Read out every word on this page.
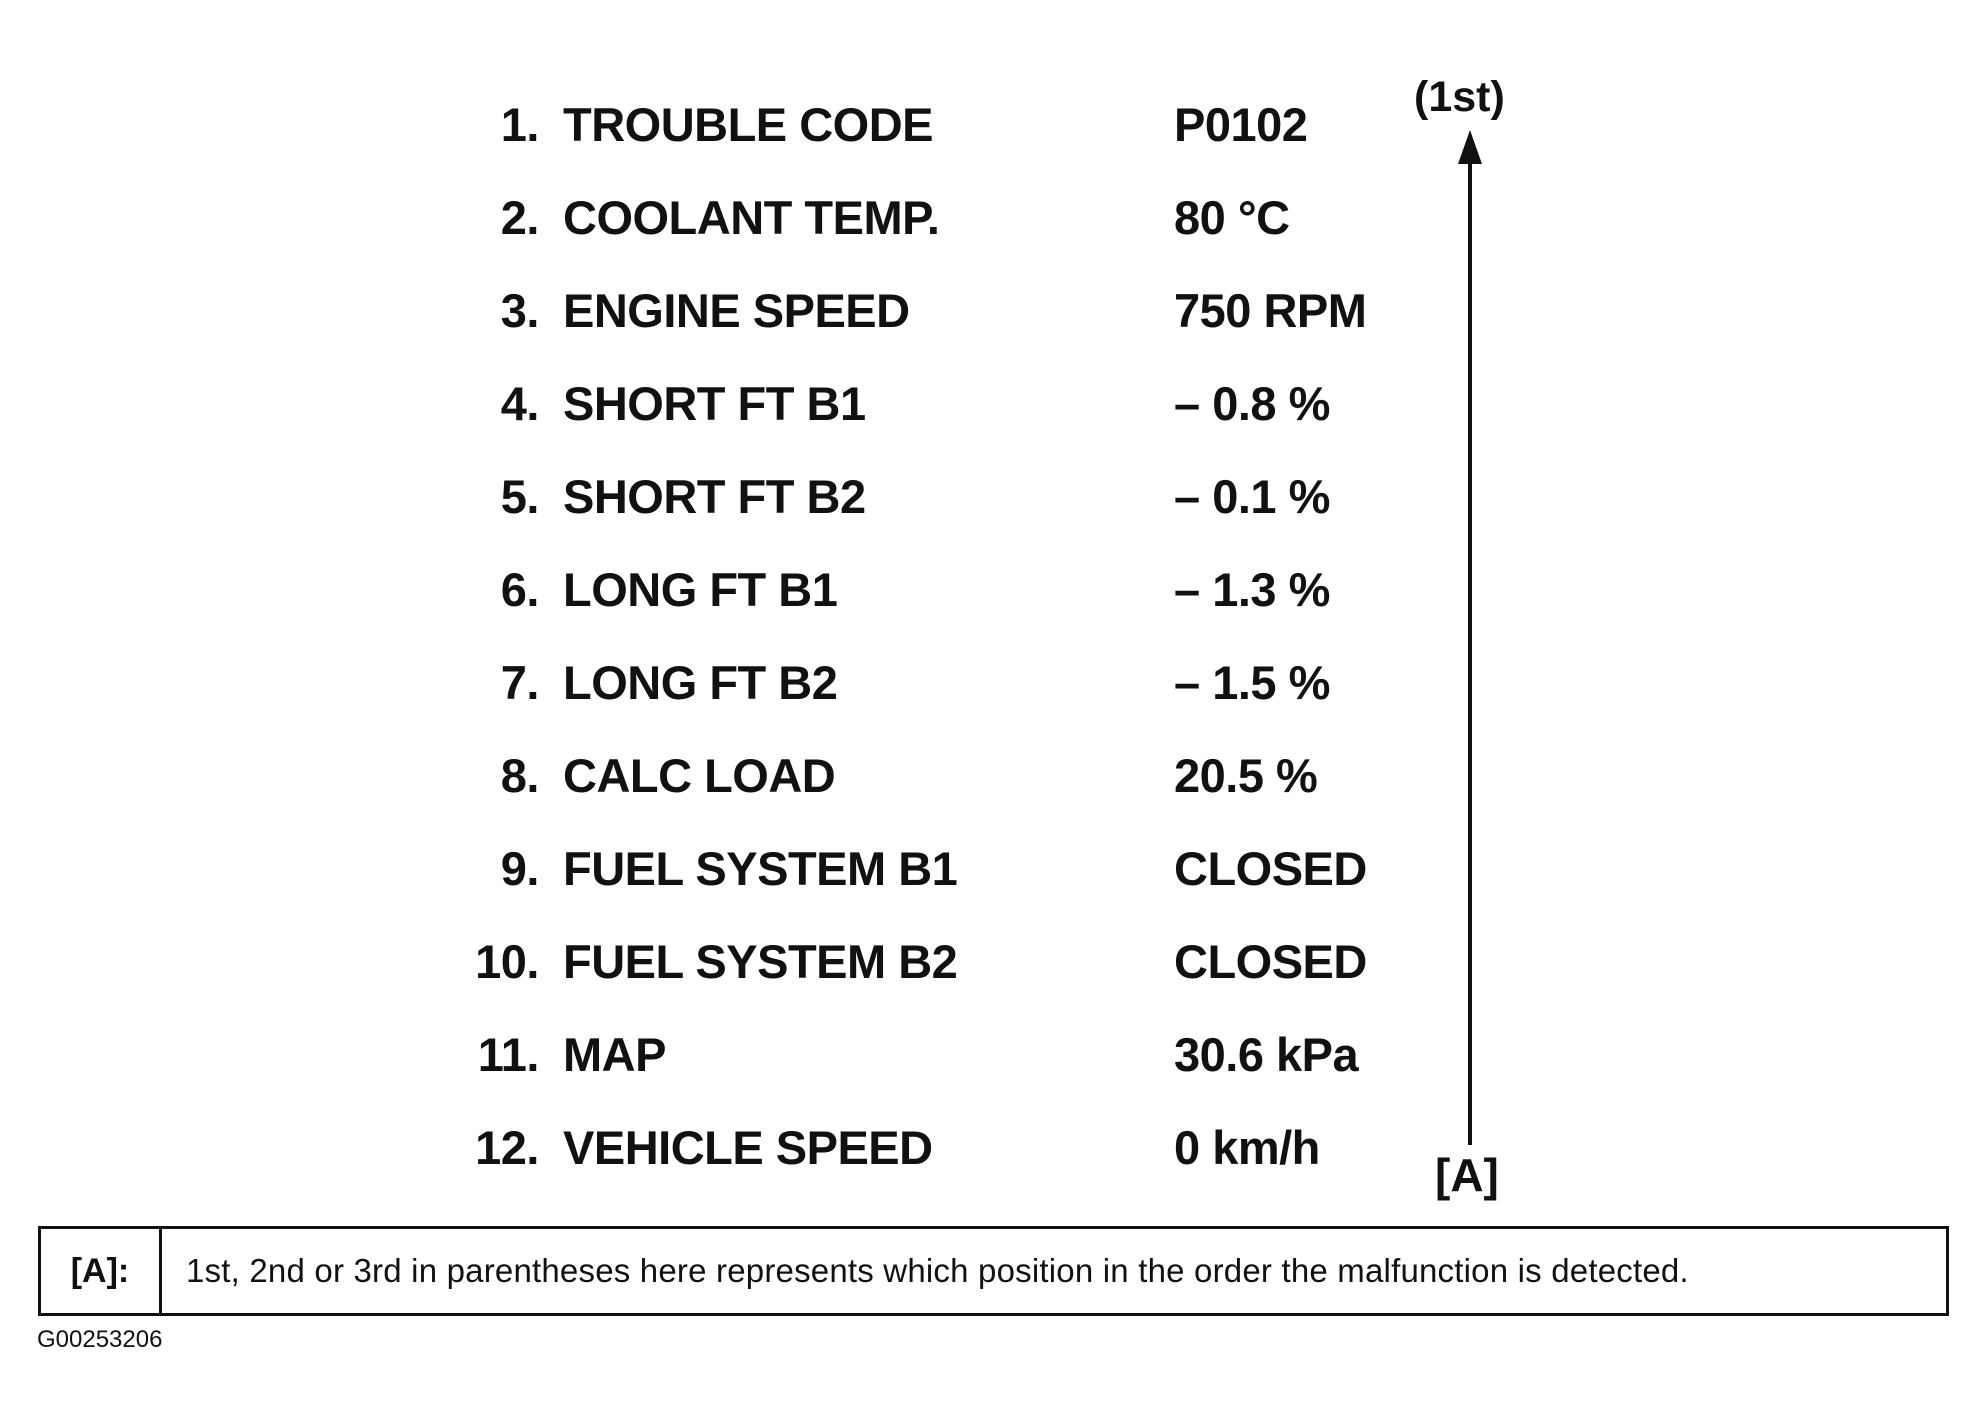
1. TROUBLE CODE	P0102
2. COOLANT TEMP.	80 °C
3. ENGINE SPEED	750 RPM
4. SHORT FT B1	– 0.8 %
5. SHORT FT B2	– 0.1 %
6. LONG FT B1	– 1.3 %
7. LONG FT B2	– 1.5 %
8. CALC LOAD	20.5 %
9. FUEL SYSTEM B1	CLOSED
10. FUEL SYSTEM B2	CLOSED
11. MAP	30.6 kPa
12. VEHICLE SPEED	0 km/h
(1st)
[A]
[A]:	1st, 2nd or 3rd in parentheses here represents which position in the order the malfunction is detected.
G00253206
